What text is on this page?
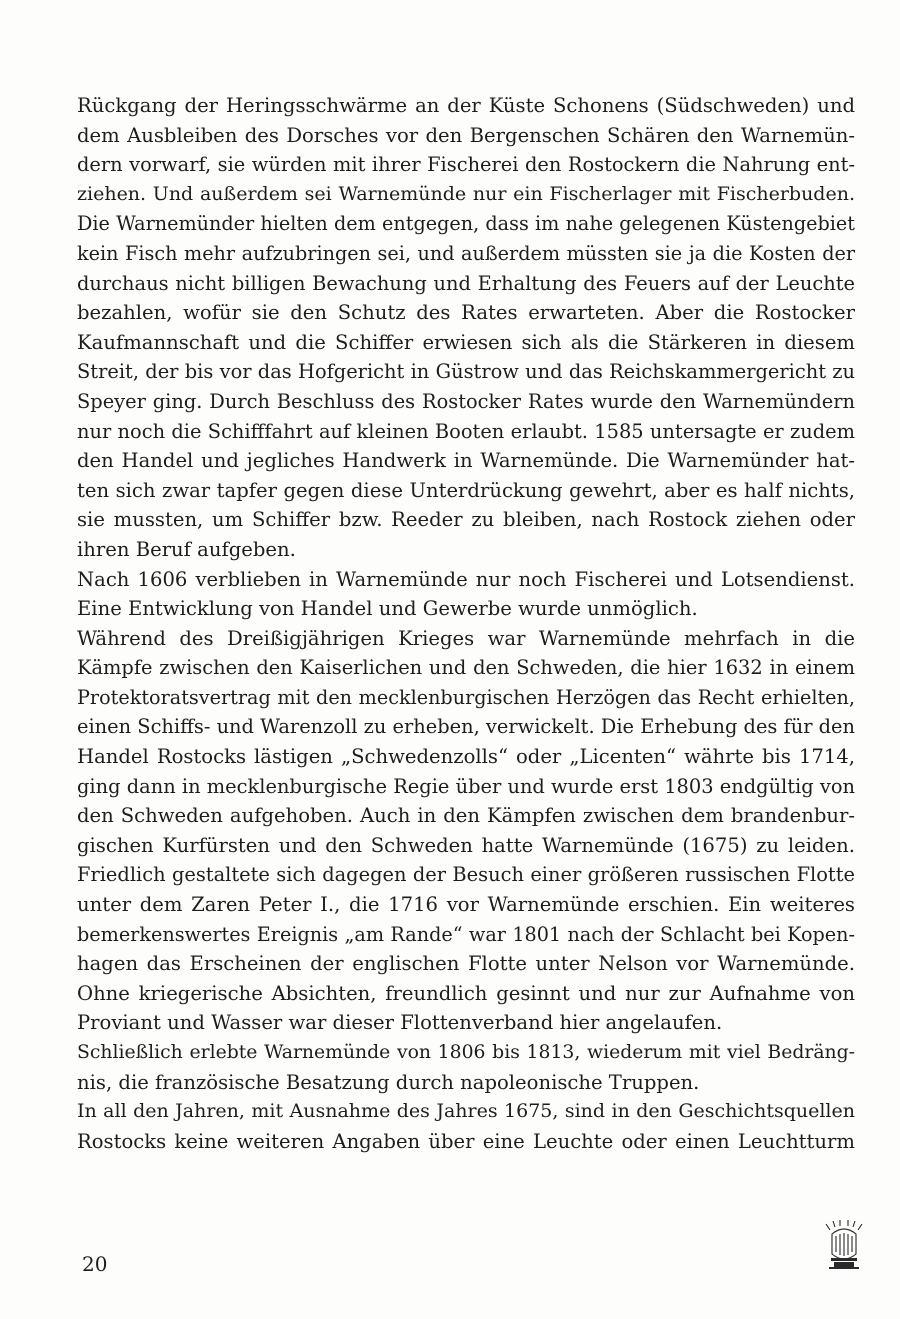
Rückgang der Heringsschwärme an der Küste Schonens (Südschweden) und
dem Ausbleiben des Dorsches vor den Bergenschen Schären den Warnemün-
dern vorwarf, sie würden mit ihrer Fischerei den Rostockern die Nahrung ent-
ziehen. Und außerdem sei Warnemünde nur ein Fischerlager mit Fischerbuden.
Die Warnemünder hielten dem entgegen, dass im nahe gelegenen Küstengebiet
kein Fisch mehr aufzubringen sei, und außerdem müssten sie ja die Kosten der
durchaus nicht billigen Bewachung und Erhaltung des Feuers auf der Leuchte
bezahlen, wofür sie den Schutz des Rates erwarteten. Aber die Rostocker
Kaufmannschaft und die Schiffer erwiesen sich als die Stärkeren in diesem
Streit, der bis vor das Hofgericht in Güstrow und das Reichskammergericht zu
Speyer ging. Durch Beschluss des Rostocker Rates wurde den Warnemündern
nur noch die Schifffahrt auf kleinen Booten erlaubt. 1585 untersagte er zudem
den Handel und jegliches Handwerk in Warnemünde. Die Warnemünder hat-
ten sich zwar tapfer gegen diese Unterdrückung gewehrt, aber es half nichts,
sie mussten, um Schiffer bzw. Reeder zu bleiben, nach Rostock ziehen oder
ihren Beruf aufgeben.
Nach 1606 verblieben in Warnemünde nur noch Fischerei und Lotsendienst.
Eine Entwicklung von Handel und Gewerbe wurde unmöglich.
Während des Dreißigjährigen Krieges war Warnemünde mehrfach in die
Kämpfe zwischen den Kaiserlichen und den Schweden, die hier 1632 in einem
Protektoratsvertrag mit den mecklenburgischen Herzögen das Recht erhielten,
einen Schiffs- und Warenzoll zu erheben, verwickelt. Die Erhebung des für den
Handel Rostocks lästigen „Schwedenzolls“ oder „Licenten“ währte bis 1714,
ging dann in mecklenburgische Regie über und wurde erst 1803 endgültig von
den Schweden aufgehoben. Auch in den Kämpfen zwischen dem brandenbur-
gischen Kurfürsten und den Schweden hatte Warnemünde (1675) zu leiden.
Friedlich gestaltete sich dagegen der Besuch einer größeren russischen Flotte
unter dem Zaren Peter I., die 1716 vor Warnemünde erschien. Ein weiteres
bemerkenswertes Ereignis „am Rande“ war 1801 nach der Schlacht bei Kopen-
hagen das Erscheinen der englischen Flotte unter Nelson vor Warnemünde.
Ohne kriegerische Absichten, freundlich gesinnt und nur zur Aufnahme von
Proviant und Wasser war dieser Flottenverband hier angelaufen.
Schließlich erlebte Warnemünde von 1806 bis 1813, wiederum mit viel Bedräng-
nis, die französische Besatzung durch napoleonische Truppen.
In all den Jahren, mit Ausnahme des Jahres 1675, sind in den Geschichtsquellen
Rostocks keine weiteren Angaben über eine Leuchte oder einen Leuchtturm
20
